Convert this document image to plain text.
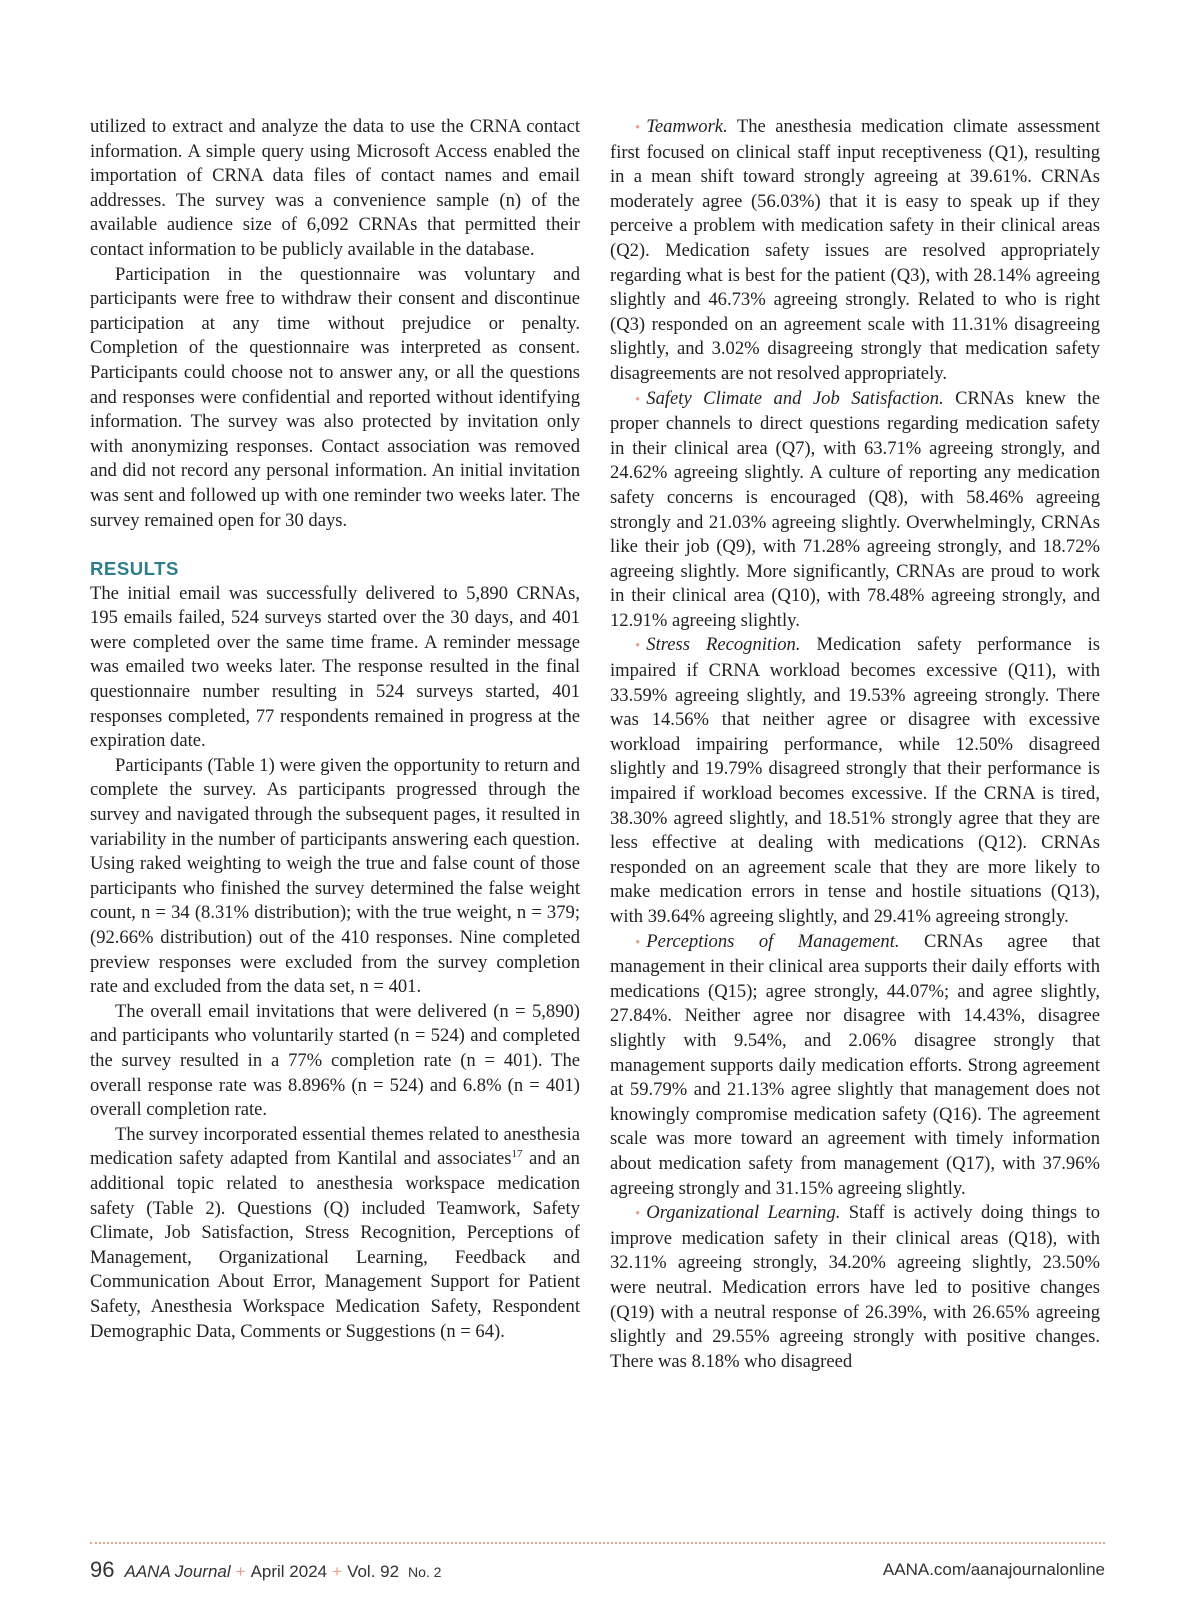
utilized to extract and analyze the data to use the CRNA contact information. A simple query using Microsoft Access enabled the importation of CRNA data files of contact names and email addresses. The survey was a convenience sample (n) of the available audience size of 6,092 CRNAs that permitted their contact information to be publicly available in the database.

Participation in the questionnaire was voluntary and participants were free to withdraw their consent and discontinue participation at any time without prejudice or penalty. Completion of the questionnaire was interpreted as consent. Participants could choose not to answer any, or all the questions and responses were confidential and reported without identifying information. The survey was also protected by invitation only with anonymizing responses. Contact association was removed and did not record any personal information. An initial invitation was sent and followed up with one reminder two weeks later. The survey remained open for 30 days.

RESULTS

The initial email was successfully delivered to 5,890 CRNAs, 195 emails failed, 524 surveys started over the 30 days, and 401 were completed over the same time frame. A reminder message was emailed two weeks later. The response resulted in the final questionnaire number resulting in 524 surveys started, 401 responses completed, 77 respondents remained in progress at the expiration date.

Participants (Table 1) were given the opportunity to return and complete the survey. As participants progressed through the survey and navigated through the subsequent pages, it resulted in variability in the number of participants answering each question. Using raked weighting to weigh the true and false count of those participants who finished the survey determined the false weight count, n = 34 (8.31% distribution); with the true weight, n = 379; (92.66% distribution) out of the 410 responses. Nine completed preview responses were excluded from the survey completion rate and excluded from the data set, n = 401.

The overall email invitations that were delivered (n = 5,890) and participants who voluntarily started (n = 524) and completed the survey resulted in a 77% completion rate (n = 401). The overall response rate was 8.896% (n = 524) and 6.8% (n = 401) overall completion rate.

The survey incorporated essential themes related to anesthesia medication safety adapted from Kantilal and associates$^{17}$ and an additional topic related to anesthesia workspace medication safety (Table 2). Questions (Q) included Teamwork, Safety Climate, Job Satisfaction, Stress Recognition, Perceptions of Management, Organizational Learning, Feedback and Communication About Error, Management Support for Patient Safety, Anesthesia Workspace Medication Safety, Respondent Demographic Data, Comments or Suggestions (n = 64).

• Teamwork. The anesthesia medication climate assessment first focused on clinical staff input receptiveness (Q1), resulting in a mean shift toward strongly agreeing at 39.61%. CRNAs moderately agree (56.03%) that it is easy to speak up if they perceive a problem with medication safety in their clinical areas (Q2). Medication safety issues are resolved appropriately regarding what is best for the patient (Q3), with 28.14% agreeing slightly and 46.73% agreeing strongly. Related to who is right (Q3) responded on an agreement scale with 11.31% disagreeing slightly, and 3.02% disagreeing strongly that medication safety disagreements are not resolved appropriately.

• Safety Climate and Job Satisfaction. CRNAs knew the proper channels to direct questions regarding medication safety in their clinical area (Q7), with 63.71% agreeing strongly, and 24.62% agreeing slightly. A culture of reporting any medication safety concerns is encouraged (Q8), with 58.46% agreeing strongly and 21.03% agreeing slightly. Overwhelmingly, CRNAs like their job (Q9), with 71.28% agreeing strongly, and 18.72% agreeing slightly. More significantly, CRNAs are proud to work in their clinical area (Q10), with 78.48% agreeing strongly, and 12.91% agreeing slightly.

• Stress Recognition. Medication safety performance is impaired if CRNA workload becomes excessive (Q11), with 33.59% agreeing slightly, and 19.53% agreeing strongly. There was 14.56% that neither agree or disagree with excessive workload impairing performance, while 12.50% disagreed slightly and 19.79% disagreed strongly that their performance is impaired if workload becomes excessive. If the CRNA is tired, 38.30% agreed slightly, and 18.51% strongly agree that they are less effective at dealing with medications (Q12). CRNAs responded on an agreement scale that they are more likely to make medication errors in tense and hostile situations (Q13), with 39.64% agreeing slightly, and 29.41% agreeing strongly.

• Perceptions of Management. CRNAs agree that management in their clinical area supports their daily efforts with medications (Q15); agree strongly, 44.07%; and agree slightly, 27.84%. Neither agree nor disagree with 14.43%, disagree slightly with 9.54%, and 2.06% disagree strongly that management supports daily medication efforts. Strong agreement at 59.79% and 21.13% agree slightly that management does not knowingly compromise medication safety (Q16). The agreement scale was more toward an agreement with timely information about medication safety from management (Q17), with 37.96% agreeing strongly and 31.15% agreeing slightly.

• Organizational Learning. Staff is actively doing things to improve medication safety in their clinical areas (Q18), with 32.11% agreeing strongly, 34.20% agreeing slightly, 23.50% were neutral. Medication errors have led to positive changes (Q19) with a neutral response of 26.39%, with 26.65% agreeing slightly and 29.55% agreeing strongly with positive changes. There was 8.18% who disagreed

96 AANA Journal + April 2024 + Vol. 92 No. 2	AANA.com/aanajournalonline
